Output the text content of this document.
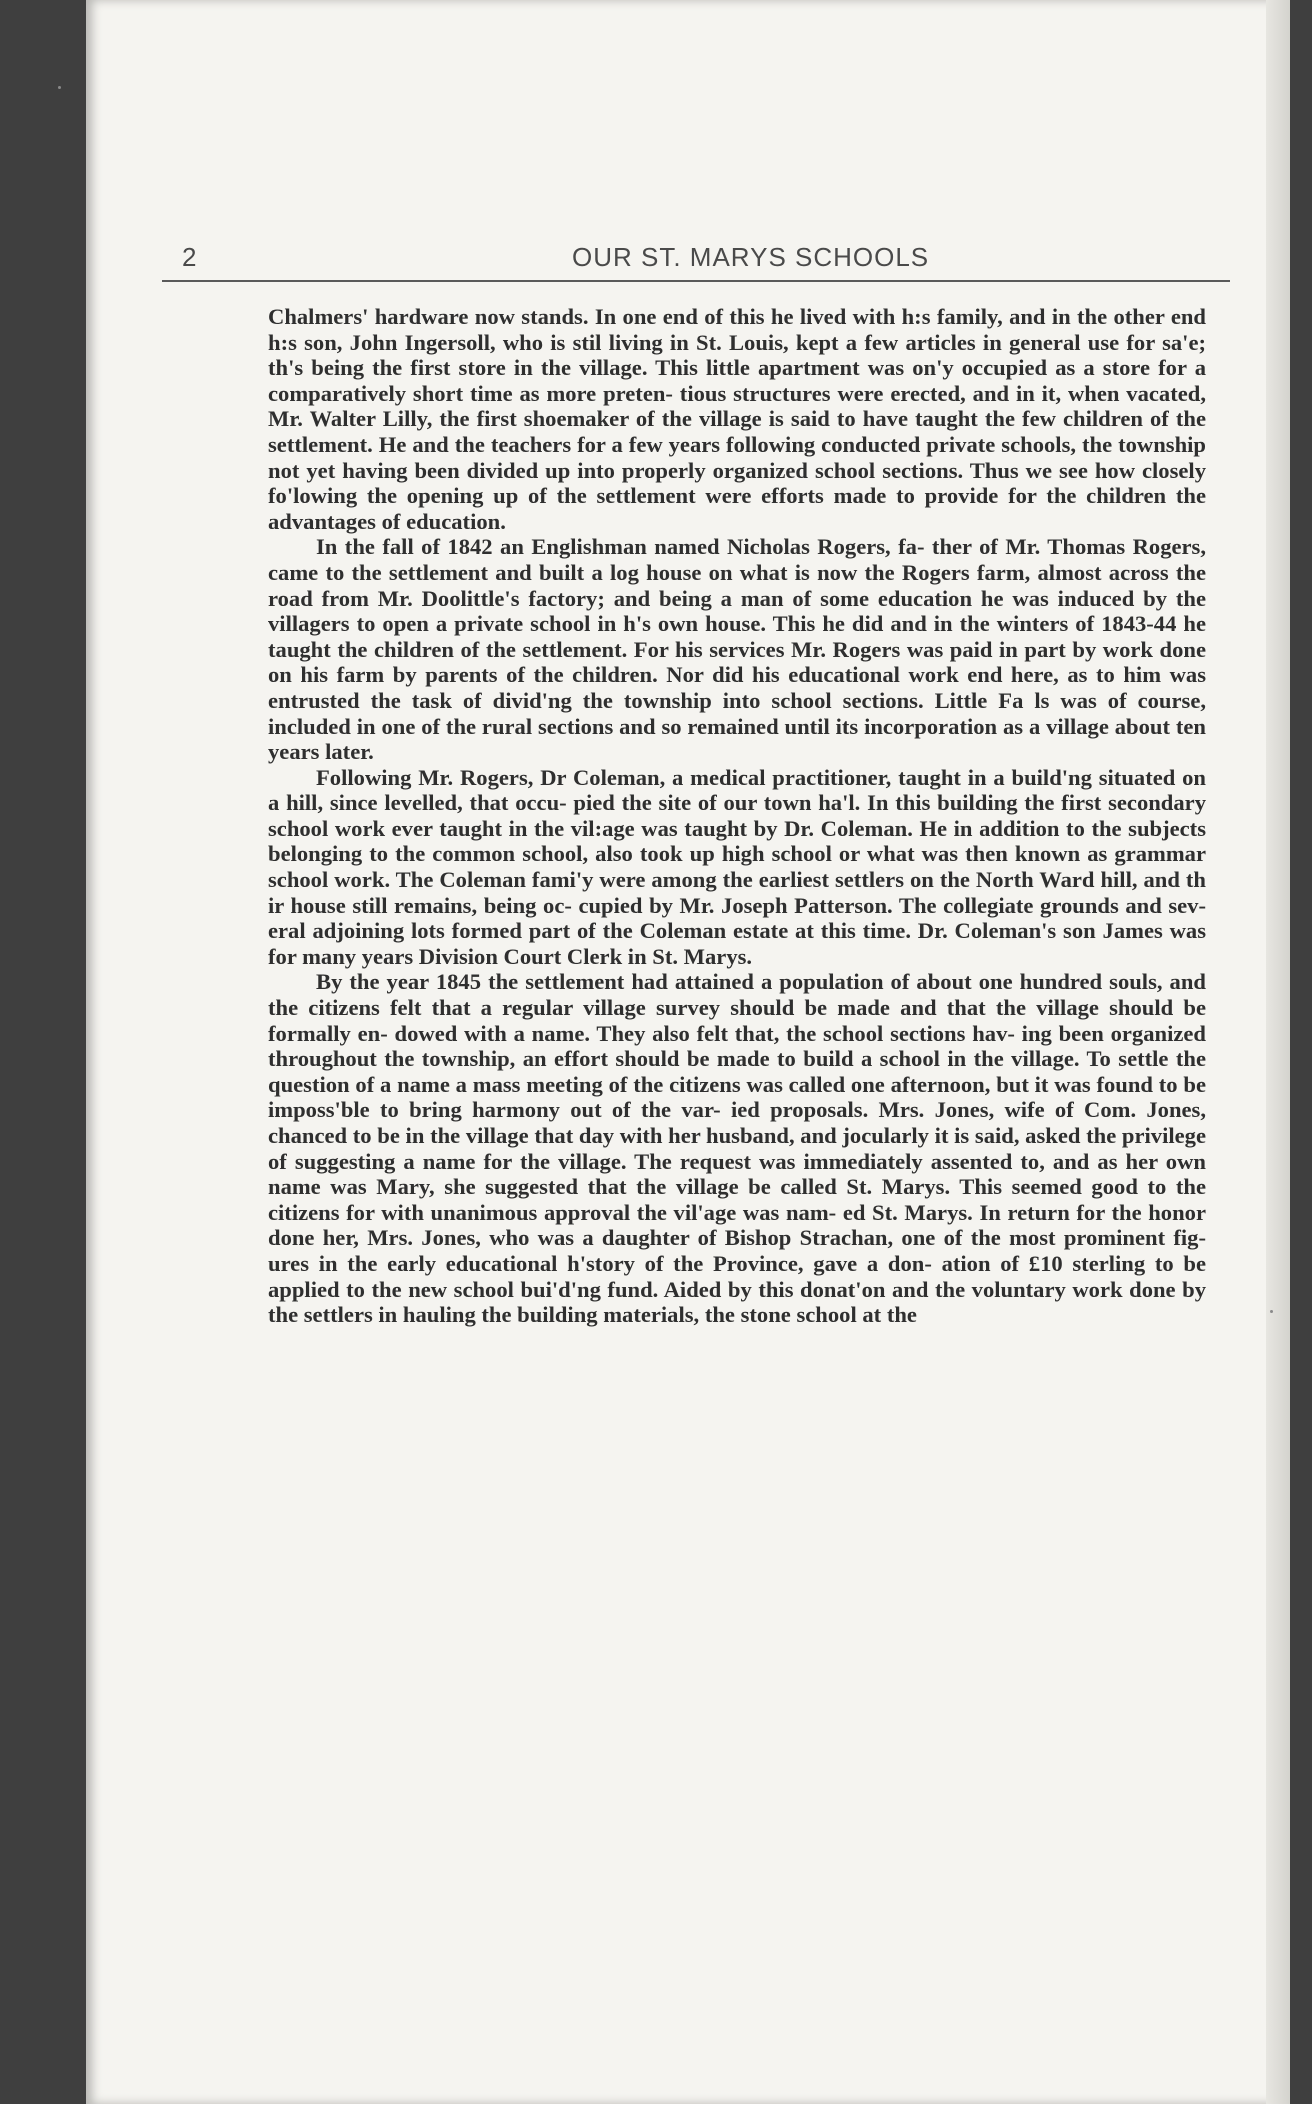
2	OUR ST. MARYS SCHOOLS

Chalmers' hardware now stands. In one end of this he lived with h:s family, and in the other end h:s son, John Ingersoll, who is stil living in St. Louis, kept a few articles in general use for sa'e; th's being the first store in the village. This little apartment was on'y occupied as a store for a comparatively short time as more preten- tious structures were erected, and in it, when vacated, Mr. Walter Lilly, the first shoemaker of the village is said to have taught the few children of the settlement. He and the teachers for a few years following conducted private schools, the township not yet having been divided up into properly organized school sections. Thus we see how closely fo'lowing the opening up of the settlement were efforts made to provide for the children the advantages of education.

In the fall of 1842 an Englishman named Nicholas Rogers, fa- ther of Mr. Thomas Rogers, came to the settlement and built a log house on what is now the Rogers farm, almost across the road from Mr. Doolittle's factory; and being a man of some education he was induced by the villagers to open a private school in h's own house. This he did and in the winters of 1843-44 he taught the children of the settlement. For his services Mr. Rogers was paid in part by work done on his farm by parents of the children. Nor did his educational work end here, as to him was entrusted the task of divid'ng the township into school sections. Little Fa ls was of course, included in one of the rural sections and so remained until its incorporation as a village about ten years later.

Following Mr. Rogers, Dr Coleman, a medical practitioner, taught in a build'ng situated on a hill, since levelled, that occu- pied the site of our town ha'l. In this building the first secondary school work ever taught in the vil:age was taught by Dr. Coleman. He in addition to the subjects belonging to the common school, also took up high school or what was then known as grammar school work. The Coleman fami'y were among the earliest settlers on the North Ward hill, and th ir house still remains, being oc- cupied by Mr. Joseph Patterson. The collegiate grounds and sev- eral adjoining lots formed part of the Coleman estate at this time. Dr. Coleman's son James was for many years Division Court Clerk in St. Marys.

By the year 1845 the settlement had attained a population of about one hundred souls, and the citizens felt that a regular village survey should be made and that the village should be formally en- dowed with a name. They also felt that, the school sections hav- ing been organized throughout the township, an effort should be made to build a school in the village. To settle the question of a name a mass meeting of the citizens was called one afternoon, but it was found to be imposs'ble to bring harmony out of the var- ied proposals. Mrs. Jones, wife of Com. Jones, chanced to be in the village that day with her husband, and jocularly it is said, asked the privilege of suggesting a name for the village. The request was immediately assented to, and as her own name was Mary, she suggested that the village be called St. Marys. This seemed good to the citizens for with unanimous approval the vil'age was nam- ed St. Marys. In return for the honor done her, Mrs. Jones, who was a daughter of Bishop Strachan, one of the most prominent fig- ures in the early educational h'story of the Province, gave a don- ation of £10 sterling to be applied to the new school bui'd'ng fund. Aided by this donat'on and the voluntary work done by the settlers in hauling the building materials, the stone school at the
